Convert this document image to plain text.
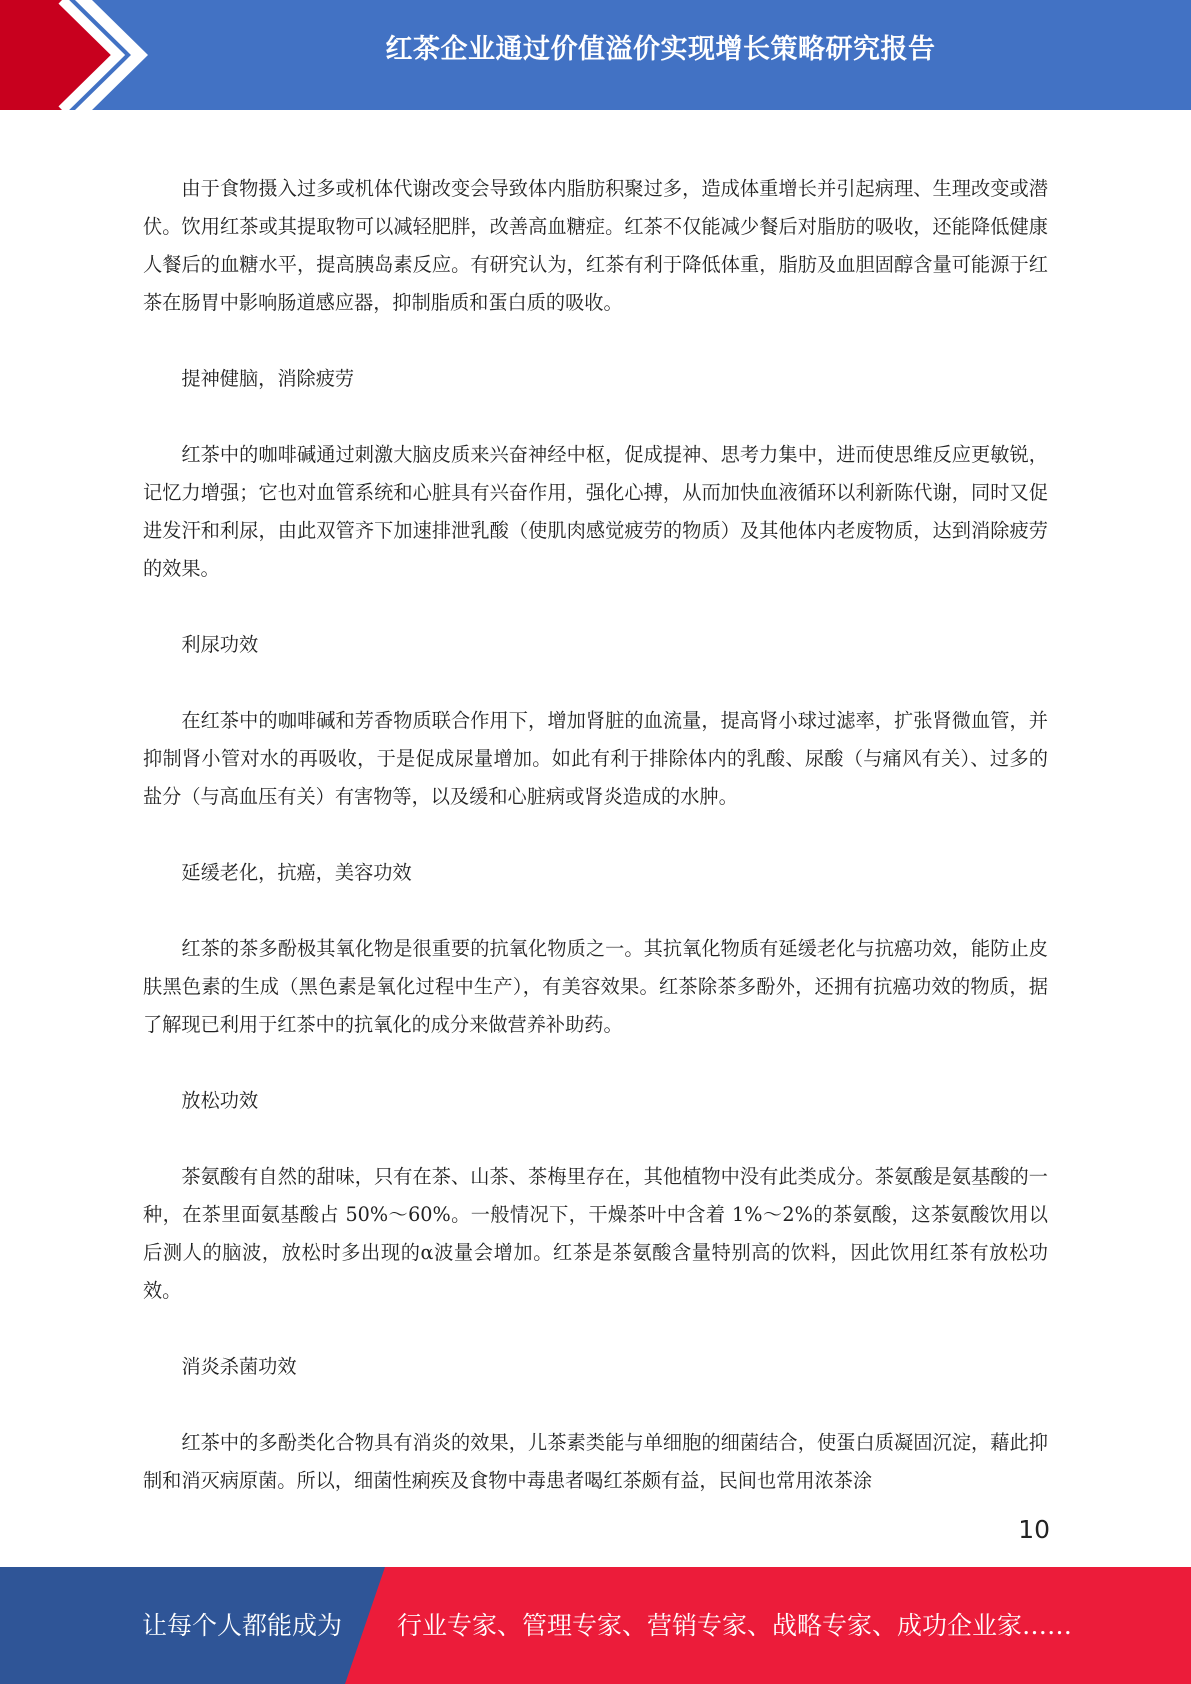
红茶企业通过价值溢价实现增长策略研究报告

由于食物摄入过多或机体代谢改变会导致体内脂肪积聚过多，造成体重增长并引起病理、生理改变或潜伏。饮用红茶或其提取物可以减轻肥胖，改善高血糖症。红茶不仅能减少餐后对脂肪的吸收，还能降低健康人餐后的血糖水平，提高胰岛素反应。有研究认为，红茶有利于降低体重，脂肪及血胆固醇含量可能源于红茶在肠胃中影响肠道感应器，抑制脂质和蛋白质的吸收。

提神健脑，消除疲劳

红茶中的咖啡碱通过刺激大脑皮质来兴奋神经中枢，促成提神、思考力集中，进而使思维反应更敏锐，记忆力增强；它也对血管系统和心脏具有兴奋作用，强化心搏，从而加快血液循环以利新陈代谢，同时又促进发汗和利尿，由此双管齐下加速排泄乳酸（使肌肉感觉疲劳的物质）及其他体内老废物质，达到消除疲劳的效果。

利尿功效

在红茶中的咖啡碱和芳香物质联合作用下，增加肾脏的血流量，提高肾小球过滤率，扩张肾微血管，并抑制肾小管对水的再吸收，于是促成尿量增加。如此有利于排除体内的乳酸、尿酸（与痛风有关）、过多的盐分（与高血压有关）有害物等，以及缓和心脏病或肾炎造成的水肿。

延缓老化，抗癌，美容功效

红茶的茶多酚极其氧化物是很重要的抗氧化物质之一。其抗氧化物质有延缓老化与抗癌功效，能防止皮肤黑色素的生成（黑色素是氧化过程中生产），有美容效果。红茶除茶多酚外，还拥有抗癌功效的物质，据了解现已利用于红茶中的抗氧化的成分来做营养补助药。

放松功效

茶氨酸有自然的甜味，只有在茶、山茶、茶梅里存在，其他植物中没有此类成分。茶氨酸是氨基酸的一种，在茶里面氨基酸占 50%～60%。一般情况下，干燥茶叶中含着 1%～2%的茶氨酸，这茶氨酸饮用以后测人的脑波，放松时多出现的α波量会增加。红茶是茶氨酸含量特别高的饮料，因此饮用红茶有放松功效。

消炎杀菌功效

红茶中的多酚类化合物具有消炎的效果，儿茶素类能与单细胞的细菌结合，使蛋白质凝固沉淀，藉此抑制和消灭病原菌。所以，细菌性痢疾及食物中毒患者喝红茶颇有益，民间也常用浓茶涂

10
让每个人都能成为 行业专家、管理专家、营销专家、战略专家、成功企业家……
